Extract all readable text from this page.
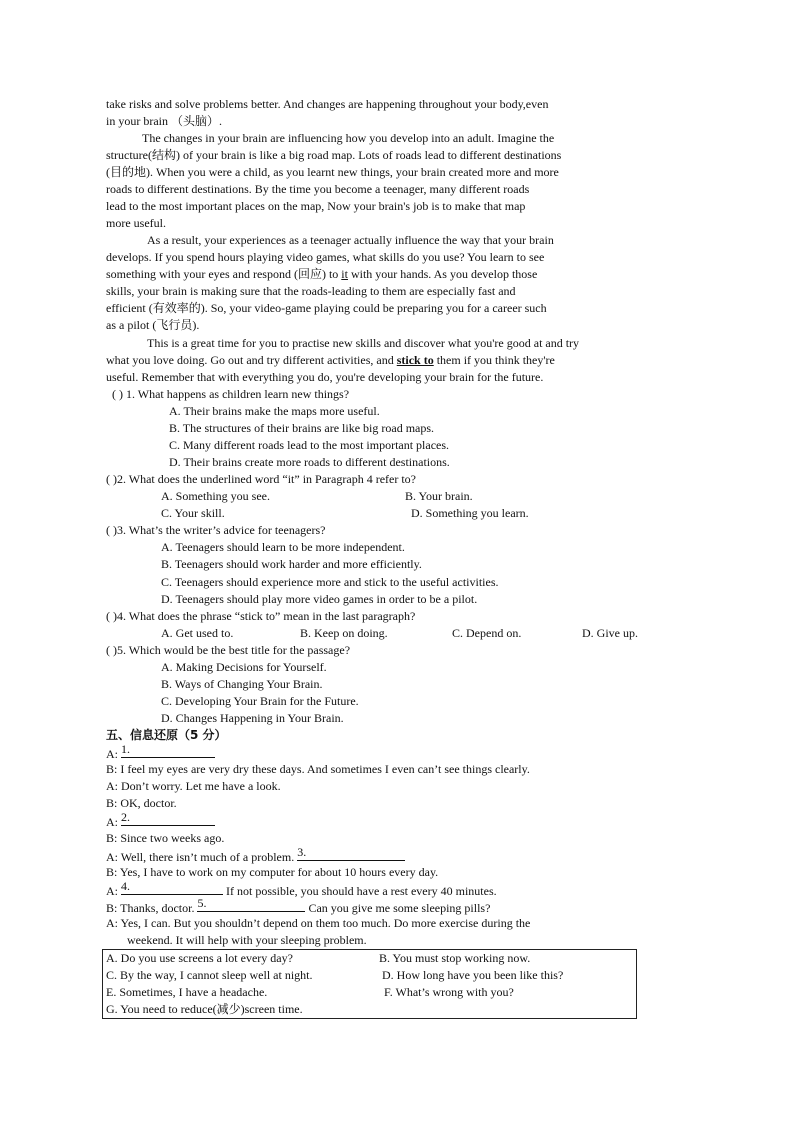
take risks and solve problems better. And changes are happening throughout your body,even
in your brain （头脑）.
The changes in your brain are influencing how you develop into an adult. Imagine the
structure(结构) of your brain is like a big road map. Lots of roads lead to different destinations
(目的地). When you were a child, as you learnt new things, your brain created more and more
roads to different destinations. By the time you become a teenager, many different roads
lead to the most important places on the map, Now your brain's job is to make that map
more useful.
As a result, your experiences as a teenager actually influence the way that your brain
develops. If you spend hours playing video games, what skills do you use? You learn to see
something with your eyes and respond (回应) to it with your hands. As you develop those
skills, your brain is making sure that the roads-leading to them are especially fast and
efficient (有效率的). So, your video-game playing could be preparing you for a career such
as a pilot (飞行员).
This is a great time for you to practise new skills and discover what you're good at and try
what you love doing. Go out and try different activities, and stick to them if you think they're
useful. Remember that with everything you do, you're developing your brain for the future.
( ) 1. What happens as children learn new things?
A. Their brains make the maps more useful.
B. The structures of their brains are like big road maps.
C. Many different roads lead to the most important places.
D. Their brains create more roads to different destinations.
( )2. What does the underlined word “it” in Paragraph 4 refer to?
A. Something you see.	B. Your brain.
C. Your skill.	D. Something you learn.
( )3. What’s the writer’s advice for teenagers?
A. Teenagers should learn to be more independent.
B. Teenagers should work harder and more efficiently.
C. Teenagers should experience more and stick to the useful activities.
D. Teenagers should play more video games in order to be a pilot.
( )4. What does the phrase “stick to” mean in the last paragraph?
A. Get used to.	B. Keep on doing.	C. Depend on.	D. Give up.
( )5. Which would be the best title for the passage?
A. Making Decisions for Yourself.
B. Ways of Changing Your Brain.
C. Developing Your Brain for the Future.
D. Changes Happening in Your Brain.
五、信息还原（5 分）
A: 1.
B: I feel my eyes are very dry these days. And sometimes I even can’t see things clearly.
A: Don’t worry. Let me have a look.
B: OK, doctor.
A: 2.
B: Since two weeks ago.
A: Well, there isn’t much of a problem. 3.
B: Yes, I have to work on my computer for about 10 hours every day.
A: 4.	If not possible, you should have a rest every 40 minutes.
B: Thanks, doctor. 5.	Can you give me some sleeping pills?
A: Yes, I can. But you shouldn’t depend on them too much. Do more exercise during the
weekend. It will help with your sleeping problem.
A. Do you use screens a lot every day?	B. You must stop working now.
C. By the way, I cannot sleep well at night.	D. How long have you been like this?
E. Sometimes, I have a headache.	F. What’s wrong with you?
G. You need to reduce(减少)screen time.
